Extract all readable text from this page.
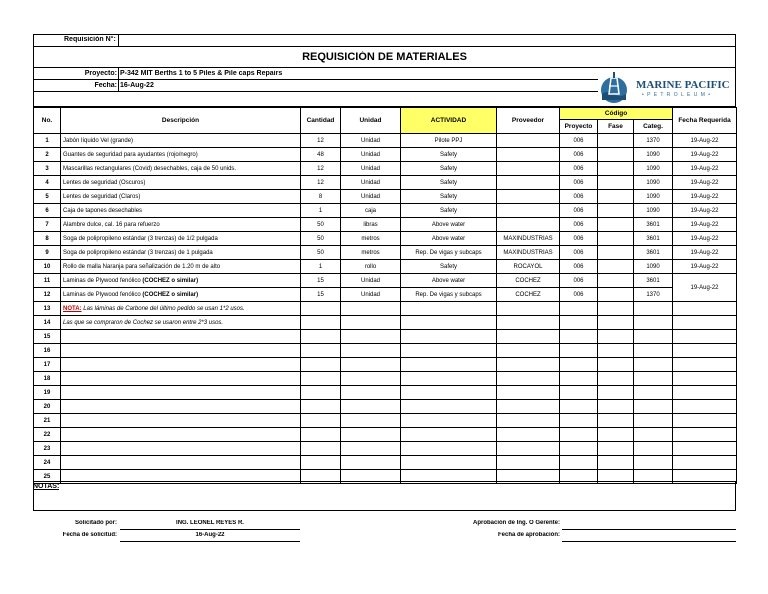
Requisición N°:
REQUISICIÓN DE MATERIALES
Proyecto: P-342 MIT Berths 1 to 5 Piles & Pile caps Repairs
Fecha: 16-Aug-22	MARINE PACIFIC
• P E T R O L E U M •
No.	Descripción	Cantidad	Unidad	ACTIVIDAD	Proveedor	Código			Fecha Requerida
						Proyecto	Fase	Categ.	
1	Jabón líquido Vel (grande)	12	Unidad	Pilote PPJ		006		1370	19-Aug-22
2	Guantes de seguridad para ayudantes (rojo/negro)	48	Unidad	Safety		006		1090	19-Aug-22
3	Mascarillas rectangulares (Covid) desechables, caja de 50 unids.	12	Unidad	Safety		006		1090	19-Aug-22
4	Lentes de seguridad (Oscuros)	12	Unidad	Safety		006		1090	19-Aug-22
5	Lentes de seguridad (Claros)	8	Unidad	Safety		006		1090	19-Aug-22
6	Caja de tapones desechables	1	caja	Safety		006		1090	19-Aug-22
7	Alambre dulce, cal. 16 para refuerzo	50	libras	Above water		006		3601	19-Aug-22
8	Soga de polipropileno estándar (3 trenzas) de 1/2 pulgada	50	metros	Above water	MAXINDUSTRIAS	006		3601	19-Aug-22
9	Soga de polipropileno estándar (3 trenzas) de 1 pulgada	50	metros	Rep. De vigas y subcaps	MAXINDUSTRIAS	006		3601	19-Aug-22
10	Rollo de malla Naranja para señalización de 1.20 m de alto	1	rollo	Safety	ROCAYOL	006		1090	19-Aug-22
11	Laminas de Plywood fenólico (COCHEZ o similar)	15	Unidad	Above water	COCHEZ	006		3601	19-Aug-22
12	Laminas de Plywood fenólico (COCHEZ o similar)	15	Unidad	Rep. De vigas y subcaps	COCHEZ	006		1370	
13	NOTA: Las láminas de Carbone del último pedido se usan 1*2 usos.								
14	Las que se compraron de Cochez se usaron entre 2*3 usos.								
15									
16									
17									
18									
19									
20									
21									
22									
23									
24									
25									
NOTAS:
Solicitado por:	ING. LEONEL REYES R.
Fecha de solicitud:	16-Aug-22
Aprobación de Ing. O Gerente:
Fecha de aprobación:
